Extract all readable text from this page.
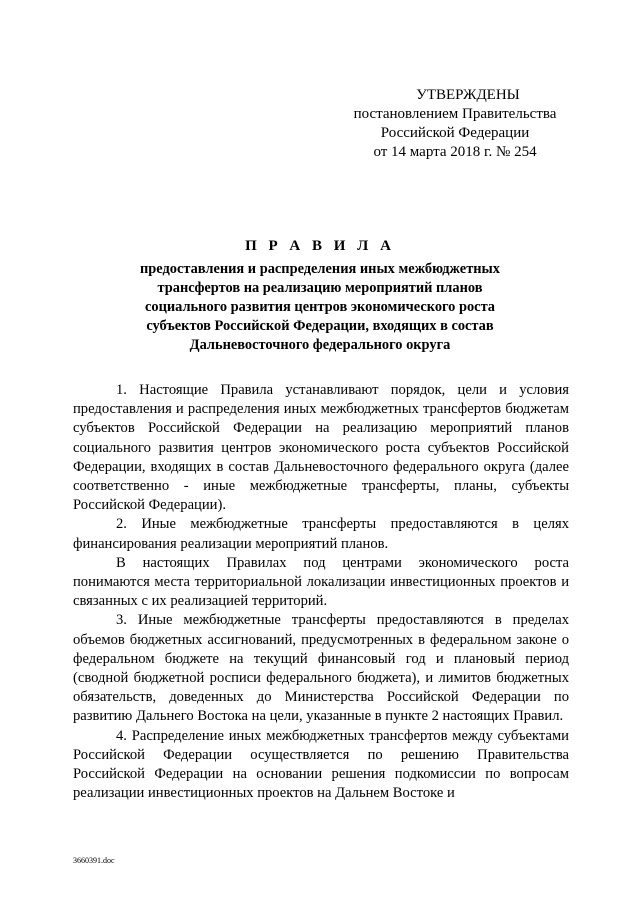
УТВЕРЖДЕНЫ
постановлением Правительства
Российской Федерации
от 14 марта 2018 г. № 254
П Р А В И Л А
предоставления и распределения иных межбюджетных
трансфертов на реализацию мероприятий планов
социального развития центров экономического роста
субъектов Российской Федерации, входящих в состав
Дальневосточного федерального округа

1. Настоящие Правила устанавливают порядок, цели и условия предоставления и распределения иных межбюджетных трансфертов бюджетам субъектов Российской Федерации на реализацию мероприятий планов социального развития центров экономического роста субъектов Российской Федерации, входящих в состав Дальневосточного федерального округа (далее соответственно - иные межбюджетные трансферты, планы, субъекты Российской Федерации).

2. Иные межбюджетные трансферты предоставляются в целях финансирования реализации мероприятий планов.

В настоящих Правилах под центрами экономического роста понимаются места территориальной локализации инвестиционных проектов и связанных с их реализацией территорий.

3. Иные межбюджетные трансферты предоставляются в пределах объемов бюджетных ассигнований, предусмотренных в федеральном законе о федеральном бюджете на текущий финансовый год и плановый период (сводной бюджетной росписи федерального бюджета), и лимитов бюджетных обязательств, доведенных до Министерства Российской Федерации по развитию Дальнего Востока на цели, указанные в пункте 2 настоящих Правил.

4. Распределение иных межбюджетных трансфертов между субъектами Российской Федерации осуществляется по решению Правительства Российской Федерации на основании решения подкомиссии по вопросам реализации инвестиционных проектов на Дальнем Востоке и

3660391.doc
